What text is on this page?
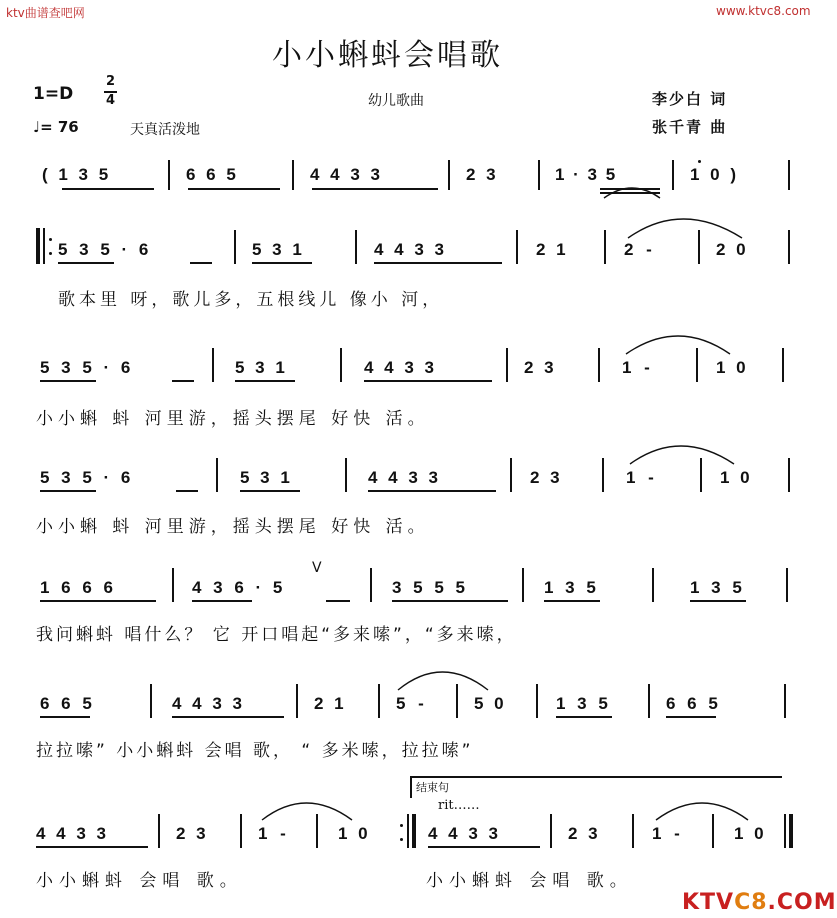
ktv曲谱查吧网	www.ktvc8.com
小小蝌蚪会唱歌
1=D
2
4	幼儿歌曲
♩= 76	天真活泼地
李少白 词
张千青 曲
( 1 3 5	6 6 5	4 4 3 3	2 3	1 · 3 5	1 0 )
5 3 5 · 6	5 3 1	4 4 3 3	2 1	2 -	2 0
歌本里 呀，歌儿多，五根线儿 像小 河，
5 3 5 · 6	5 3 1	4 4 3 3	2 3	1 -	1 0
小小蝌 蚪 河里游，摇头摆尾 好快 活。
5 3 5 · 6	5 3 1	4 4 3 3	2 3	1 -	1 0
小小蝌 蚪 河里游，摇头摆尾 好快 活。
1 6 6 6	4 3 6 · 5
V
3 5 5 5	1 3 5	1 3 5
我问蝌蚪 唱什么？ 它 开口唱起“多来嗦”，“多来嗦，
6 6 5	4 4 3 3	2 1	5 -	5 0	1 3 5	6 6 5
拉拉嗦” 小小蝌蚪 会唱 歌， “ 多米嗦，拉拉嗦”
结束句
rit……
4 4 3 3	2 3	1 -	1 0	4 4 3 3	2 3	1 -	1 0
小小蝌蚪 会唱 歌。	小小蝌蚪 会唱 歌。
KTVC8.COM
